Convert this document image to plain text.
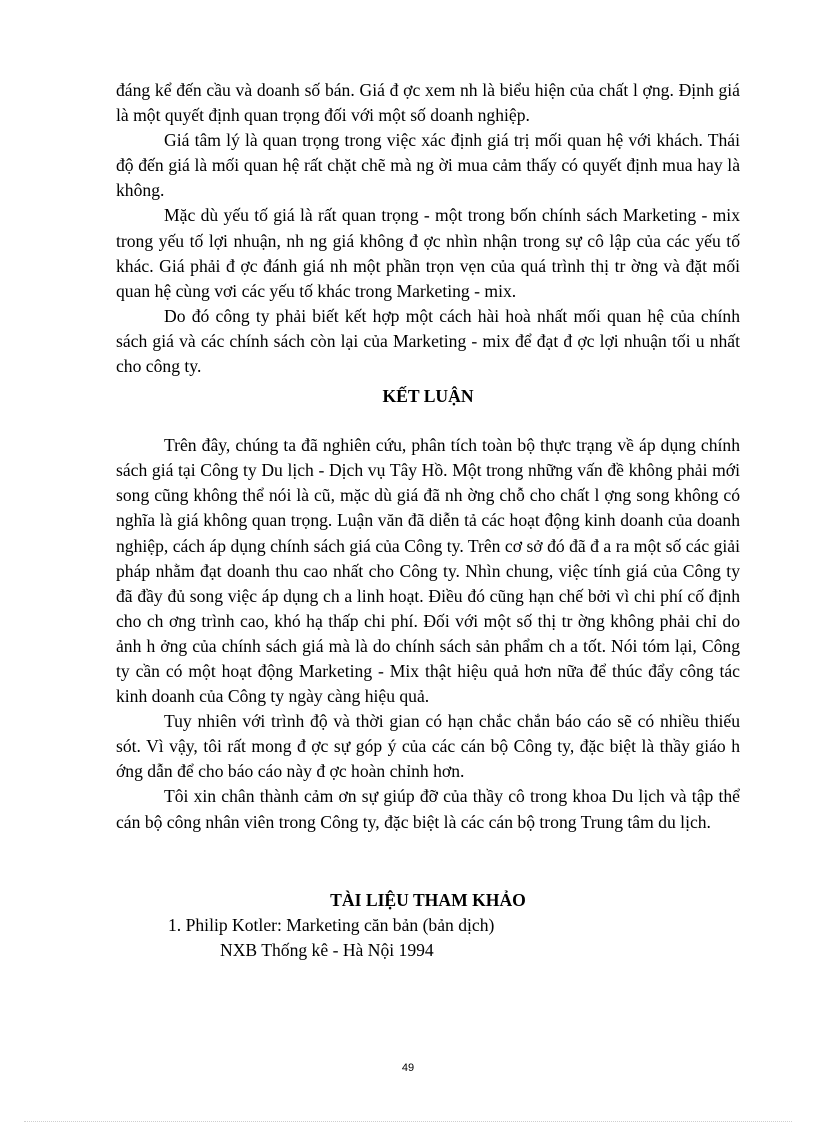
đáng kể đến cầu và doanh số bán. Giá đ ợc xem nh là biểu hiện của chất l ợng. Định giá là một quyết định quan trọng đối với một số doanh nghiệp.

Giá tâm lý là quan trọng trong việc xác định giá trị mối quan hệ với khách. Thái độ đến giá là mối quan hệ rất chặt chẽ mà ng ời mua cảm thấy có quyết định mua hay là không.

Mặc dù yếu tố giá là rất quan trọng - một trong bốn chính sách Marketing - mix trong yếu tố lợi nhuận, nh ng giá không đ ợc nhìn nhận trong sự cô lập của các yếu tố khác. Giá phải đ ợc đánh giá nh một phần trọn vẹn của quá trình thị tr ờng và đặt mối quan hệ cùng vơi các yếu tố khác trong Marketing - mix.

Do đó công ty phải biết kết hợp một cách hài hoà nhất mối quan hệ của chính sách giá và các chính sách còn lại của Marketing - mix để đạt đ ợc lợi nhuận tối u nhất cho công ty.

KẾT LUẬN

Trên đây, chúng ta đã nghiên cứu, phân tích toàn bộ thực trạng về áp dụng chính sách giá tại Công ty Du lịch - Dịch vụ Tây Hồ. Một trong những vấn đề không phải mới song cũng không thể nói là cũ, mặc dù giá đã nh ờng chỗ cho chất l ợng song không có nghĩa là giá không quan trọng. Luận văn đã diễn tả các hoạt động kinh doanh của doanh nghiệp, cách áp dụng chính sách giá của Công ty. Trên cơ sở đó đã đ a ra một số các giải pháp nhằm đạt doanh thu cao nhất cho Công ty. Nhìn chung, việc tính giá của Công ty đã đầy đủ song việc áp dụng ch a linh hoạt. Điều đó cũng hạn chế bởi vì chi phí cố định cho ch ơng trình cao, khó hạ thấp chi phí. Đối với một số thị tr ờng không phải chỉ do ảnh h ởng của chính sách giá mà là do chính sách sản phẩm ch a tốt. Nói tóm lại, Công ty cần có một hoạt động Marketing - Mix thật hiệu quả hơn nữa để thúc đẩy công tác kinh doanh của Công ty ngày càng hiệu quả.

Tuy nhiên với trình độ và thời gian có hạn chắc chắn báo cáo sẽ có nhiều thiếu sót. Vì vậy, tôi rất mong đ ợc sự góp ý của các cán bộ Công ty, đặc biệt là thầy giáo h ớng dẫn để cho báo cáo này đ ợc hoàn chỉnh hơn.

Tôi xin chân thành cảm ơn sự giúp đỡ của thầy cô trong khoa Du lịch và tập thể cán bộ công nhân viên trong Công ty, đặc biệt là các cán bộ trong Trung tâm du lịch.

TÀI LIỆU THAM KHẢO

1. Philip Kotler: Marketing căn bản (bản dịch)

NXB Thống kê - Hà Nội 1994

49
